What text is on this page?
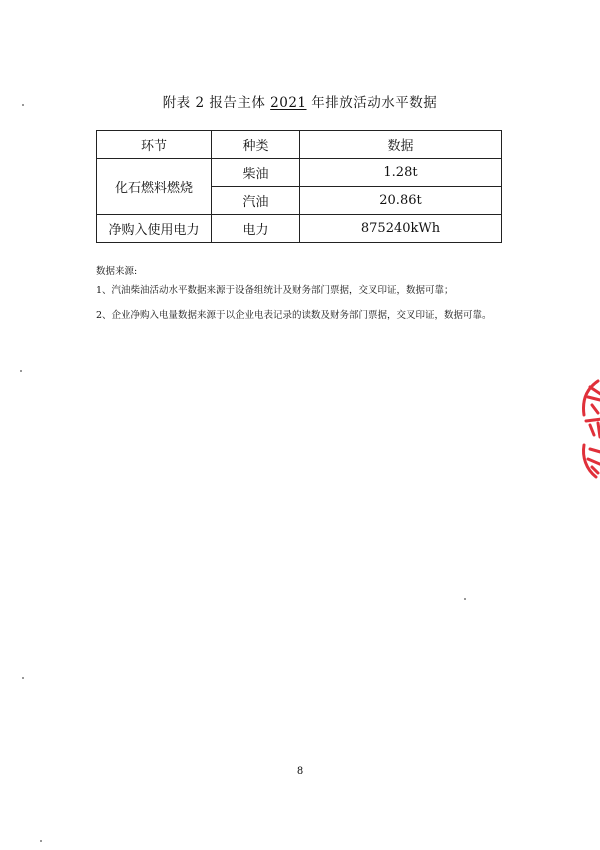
附表 2 报告主体 2021 年排放活动水平数据
环节	种类	数据
化石燃料燃烧	柴油	1.28t
	汽油	20.86t
净购入使用电力	电力	875240kWh

数据来源:

1、汽油柴油活动水平数据来源于设备组统计及财务部门票据，交叉印证，数据可靠；

2、企业净购入电量数据来源于以企业电表记录的读数及财务部门票据，交叉印证，数据可靠。

8
